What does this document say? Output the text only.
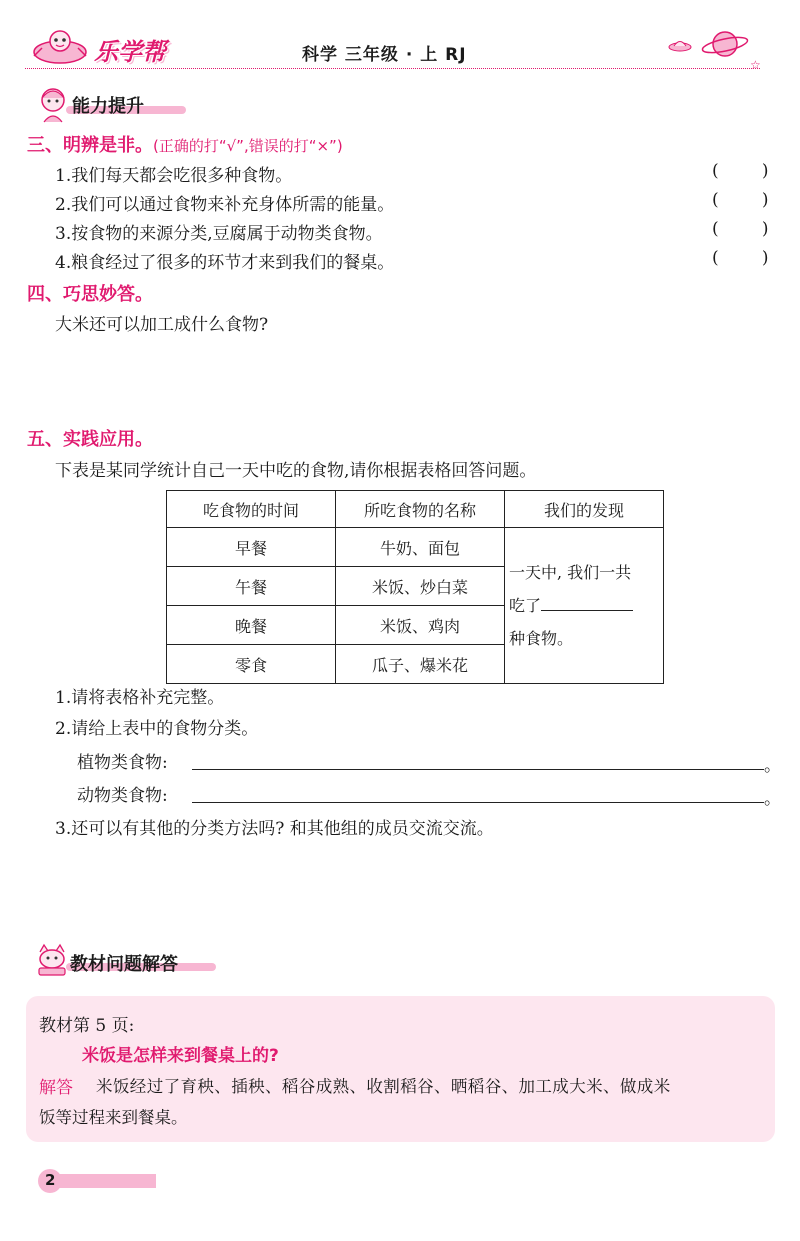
乐学帮	科学 三年级 · 上 RJ	☆
能力提升
三、明辨是非。(正确的打“√”,错误的打“×”)
1.我们每天都会吃很多种食物。	(        )
2.我们可以通过食物来补充身体所需的能量。	(        )
3.按食物的来源分类,豆腐属于动物类食物。	(        )
4.粮食经过了很多的环节才来到我们的餐桌。	(        )
四、巧思妙答。
大米还可以加工成什么食物?
五、实践应用。
下表是某同学统计自己一天中吃的食物,请你根据表格回答问题。
吃食物的时间	所吃食物的名称	我们的发现
早餐	牛奶、面包	一天中, 我们一共
吃了
种食物。

午餐	米饭、炒白菜	
晚餐	米饭、鸡肉	
零食	瓜子、爆米花	
1.请将表格补充完整。
2.请给上表中的食物分类。
植物类食物:	。
动物类食物:	。
3.还可以有其他的分类方法吗? 和其他组的成员交流交流。
教材问题解答
教材第 5 页:
米饭是怎样来到餐桌上的?
解答 米饭经过了育秧、插秧、稻谷成熟、收割稻谷、晒稻谷、加工成大米、做成米
饭等过程来到餐桌。
2
